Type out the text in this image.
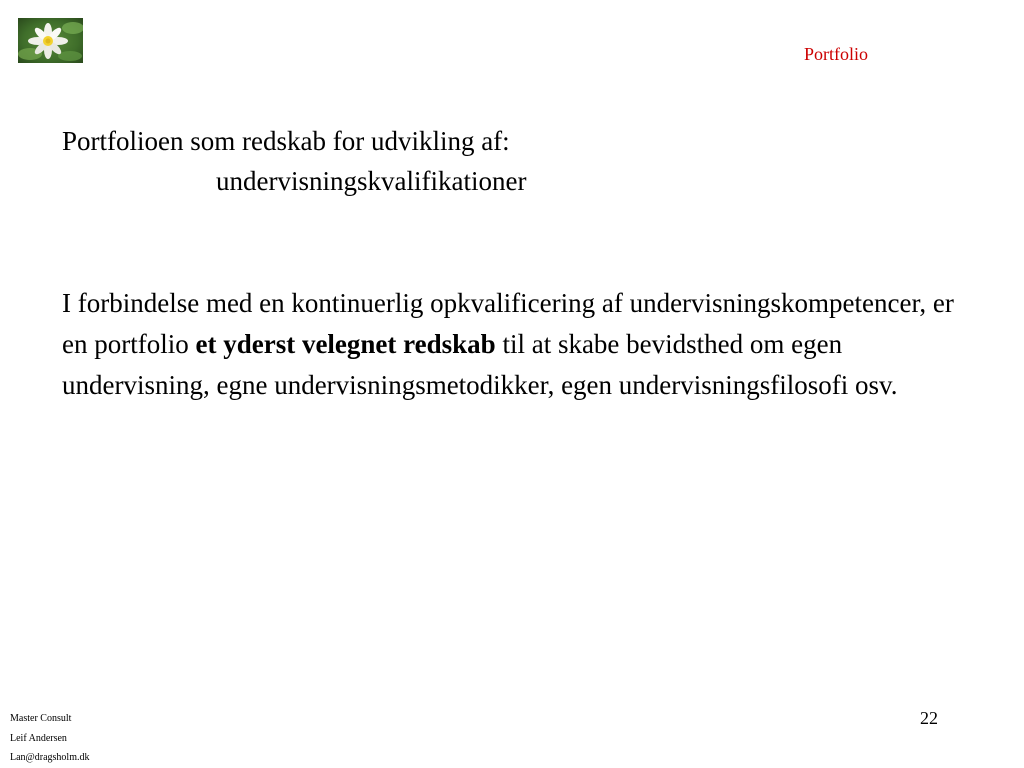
Portfolio
Portfolioen som redskab for udvikling af:
undervisningskvalifikationer

I forbindelse med en kontinuerlig opkvalificering af undervisningskompetencer, er en portfolio et yderst velegnet redskab til at skabe bevidsthed om egen undervisning, egne undervisningsmetodikker, egen undervisningsfilosofi osv.

22
Master Consult
Leif Andersen
Lan@dragsholm.dk
